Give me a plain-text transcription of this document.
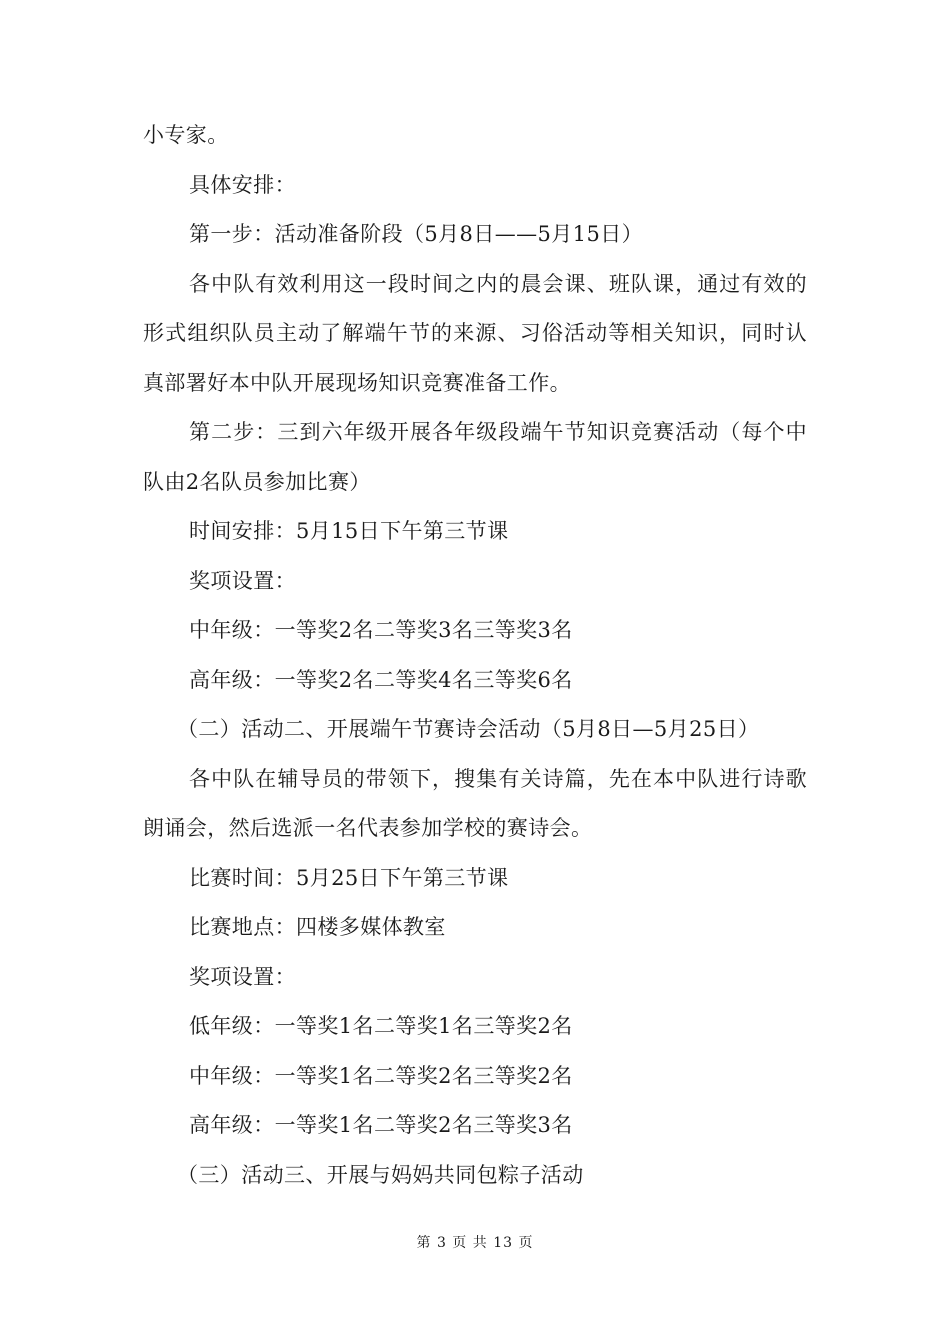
小专家。
具体安排：
第一步：活动准备阶段（5月8日——5月15日）
各中队有效利用这一段时间之内的晨会课、班队课，通过有效的
形式组织队员主动了解端午节的来源、习俗活动等相关知识，同时认
真部署好本中队开展现场知识竞赛准备工作。
第二步：三到六年级开展各年级段端午节知识竞赛活动（每个中
队由2名队员参加比赛）
时间安排：5月15日下午第三节课
奖项设置：
中年级：一等奖2名二等奖3名三等奖3名
高年级：一等奖2名二等奖4名三等奖6名
（二）活动二、开展端午节赛诗会活动（5月8日—5月25日）
各中队在辅导员的带领下，搜集有关诗篇，先在本中队进行诗歌
朗诵会，然后选派一名代表参加学校的赛诗会。
比赛时间：5月25日下午第三节课
比赛地点：四楼多媒体教室
奖项设置：
低年级：一等奖1名二等奖1名三等奖2名
中年级：一等奖1名二等奖2名三等奖2名
高年级：一等奖1名二等奖2名三等奖3名
（三）活动三、开展与妈妈共同包粽子活动
第 3 页 共 13 页
